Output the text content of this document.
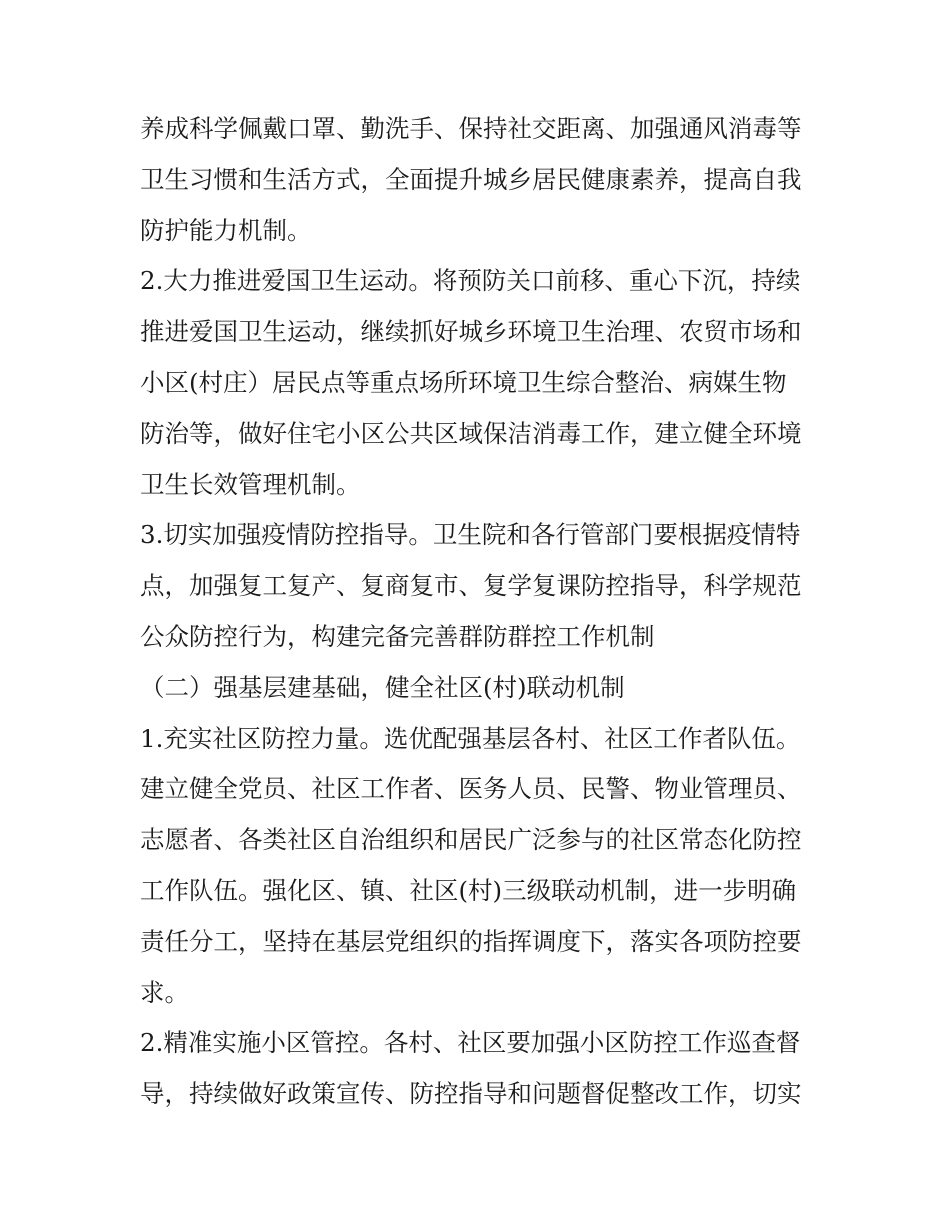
养成科学佩戴口罩、勤洗手、保持社交距离、加强通风消毒等
卫生习惯和生活方式，全面提升城乡居民健康素养，提高自我
防护能力机制。
2.大力推进爱国卫生运动。将预防关口前移、重心下沉，持续
推进爱国卫生运动，继续抓好城乡环境卫生治理、农贸市场和
小区(村庄）居民点等重点场所环境卫生综合整治、病媒生物
防治等，做好住宅小区公共区域保洁消毒工作，建立健全环境
卫生长效管理机制。
3.切实加强疫情防控指导。卫生院和各行管部门要根据疫情特
点，加强复工复产、复商复市、复学复课防控指导，科学规范
公众防控行为，构建完备完善群防群控工作机制
（二）强基层建基础，健全社区(村)联动机制
1.充实社区防控力量。选优配强基层各村、社区工作者队伍。
建立健全党员、社区工作者、医务人员、民警、物业管理员、
志愿者、各类社区自治组织和居民广泛参与的社区常态化防控
工作队伍。强化区、镇、社区(村)三级联动机制，进一步明确
责任分工，坚持在基层党组织的指挥调度下，落实各项防控要
求。
2.精准实施小区管控。各村、社区要加强小区防控工作巡查督
导，持续做好政策宣传、防控指导和问题督促整改工作，切实
